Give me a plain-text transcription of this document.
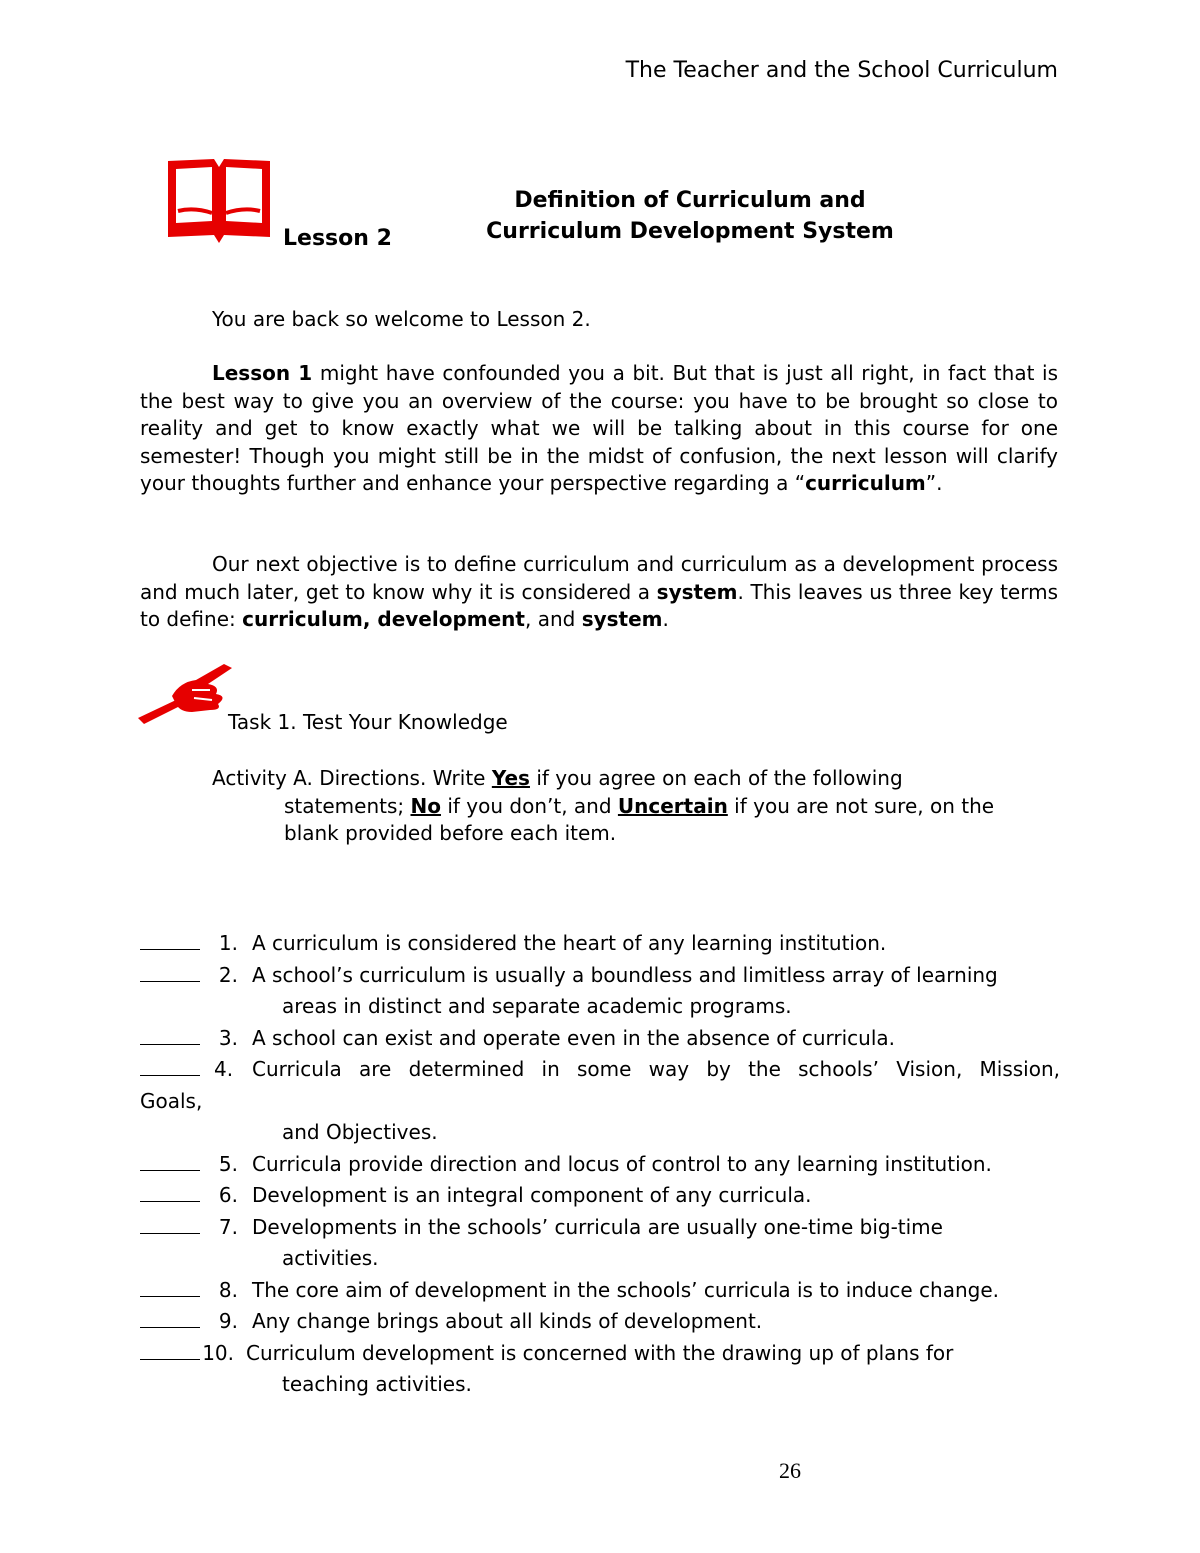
The Teacher and the School Curriculum
Lesson 2
Definition of Curriculum and
Curriculum Development System
You are back so welcome to Lesson 2.
Lesson 1 might have confounded you a bit. But that is just all right, in fact that is the best way to give you an overview of the course: you have to be brought so close to reality and get to know exactly what we will be talking about in this course for one semester! Though you might still be in the midst of confusion, the next lesson will clarify your thoughts further and enhance your perspective regarding a “curriculum”.
Our next objective is to define curriculum and curriculum as a development process and much later, get to know why it is considered a system. This leaves us three key terms to define: curriculum, development, and system.
Task 1. Test Your Knowledge
Activity A. Directions. Write Yes if you agree on each of the following
statements; No if you don’t, and Uncertain if you are not sure, on the
blank provided before each item.
1. A curriculum is considered the heart of any learning institution.
2. A school’s curriculum is usually a boundless and limitless array of learning
areas in distinct and separate academic programs.
3. A school can exist and operate even in the absence of curricula.
4. Curricula are determined in some way by the schools’ Vision, Mission,
Goals,
and Objectives.
5. Curricula provide direction and locus of control to any learning institution.
6. Development is an integral component of any curricula.
7. Developments in the schools’ curricula are usually one-time big-time
activities.
8. The core aim of development in the schools’ curricula is to induce change.
9. Any change brings about all kinds of development.
10. Curriculum development is concerned with the drawing up of plans for
teaching activities.
26
